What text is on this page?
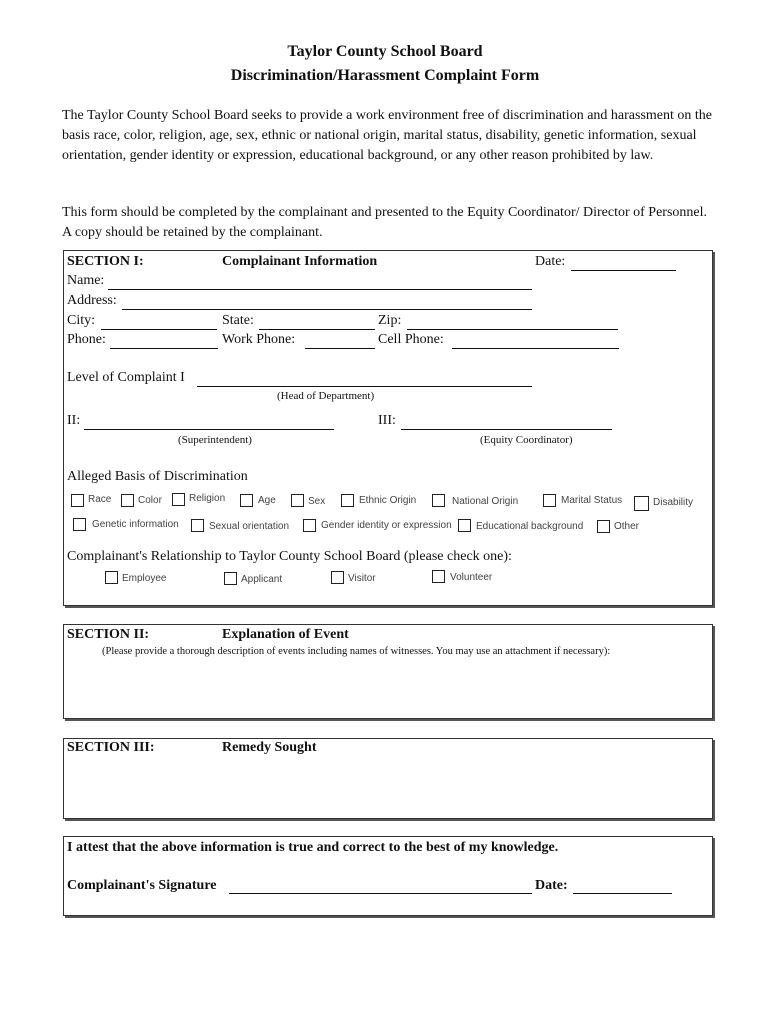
Taylor County School Board
Discrimination/Harassment Complaint Form

The Taylor County School Board seeks to provide a work environment free of discrimination and harassment on the basis race, color, religion, age, sex, ethnic or national origin, marital status, disability, genetic information, sexual orientation, gender identity or expression, educational background, or any other reason prohibited by law.

This form should be completed by the complainant and presented to the Equity Coordinator/ Director of Personnel. A copy should be retained by the complainant.

SECTION I:	Complainant Information	Date:
Name:
Address:
City:	State:	Zip:
Phone:	Work Phone:	Cell Phone:
Level of Complaint I
(Head of Department)
II:	III:
(Superintendent)	(Equity Coordinator)
Alleged Basis of Discrimination
Race	Color	Religion	Age	Sex	Ethnic Origin	National Origin	Marital Status	Disability
Genetic information	Sexual orientation	Gender identity or expression Educational background	Other
Complainant's Relationship to Taylor County School Board (please check one):
Employee	Applicant	Visitor	Volunteer
SECTION II:	Explanation of Event
(Please provide a thorough description of events including names of witnesses. You may use an attachment if necessary):
SECTION III:	Remedy Sought
I attest that the above information is true and correct to the best of my knowledge.
Complainant's Signature	Date:
